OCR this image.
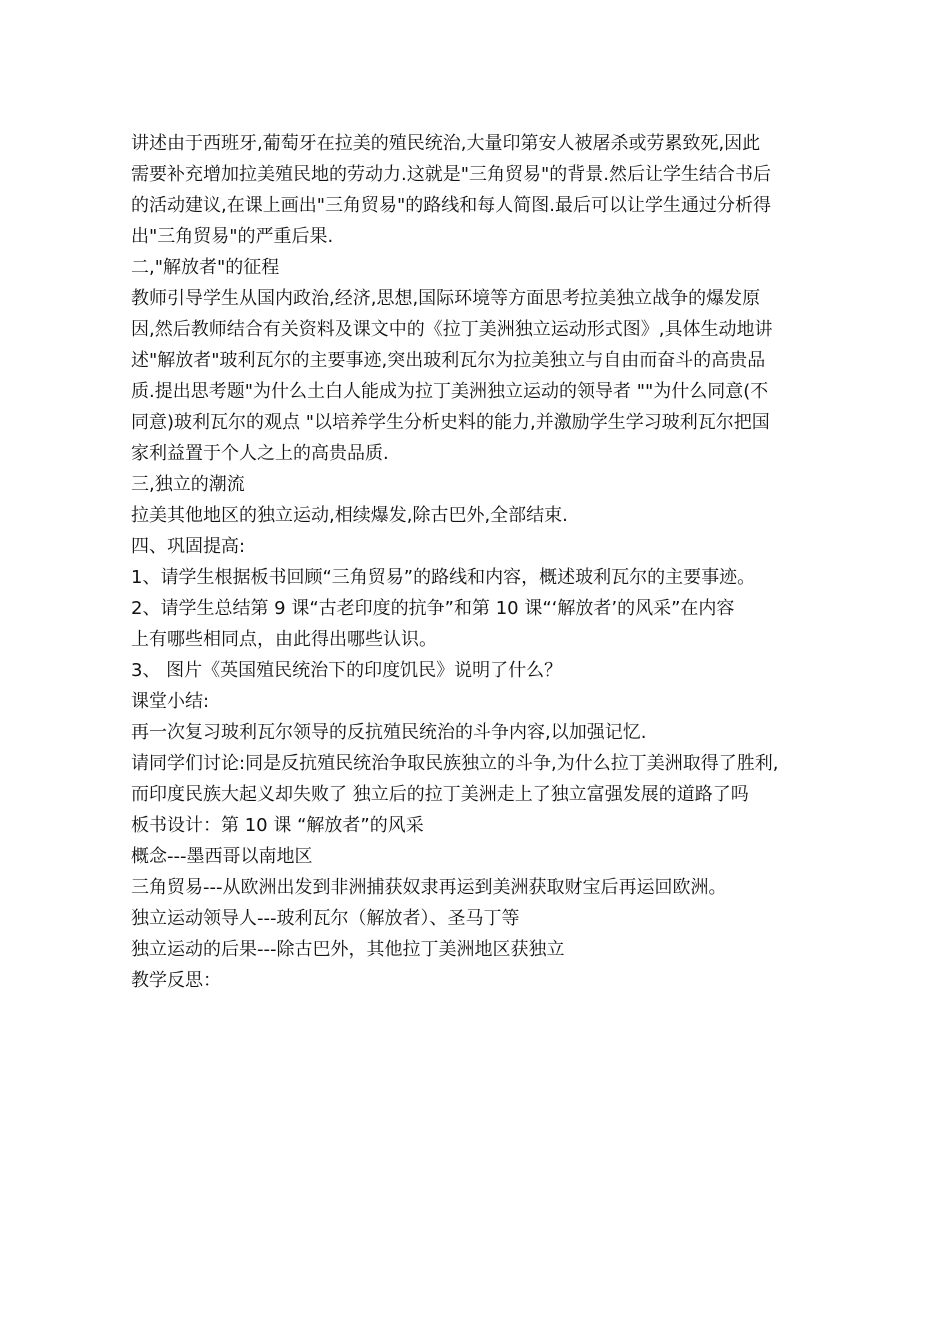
讲述由于西班牙,葡萄牙在拉美的殖民统治,大量印第安人被屠杀或劳累致死,因此
需要补充增加拉美殖民地的劳动力.这就是"三角贸易"的背景.然后让学生结合书后
的活动建议,在课上画出"三角贸易"的路线和每人简图.最后可以让学生通过分析得
出"三角贸易"的严重后果.
二,"解放者"的征程
教师引导学生从国内政治,经济,思想,国际环境等方面思考拉美独立战争的爆发原
因,然后教师结合有关资料及课文中的《拉丁美洲独立运动形式图》,具体生动地讲
述"解放者"玻利瓦尔的主要事迹,突出玻利瓦尔为拉美独立与自由而奋斗的高贵品
质.提出思考题"为什么土白人能成为拉丁美洲独立运动的领导者 ""为什么同意(不
同意)玻利瓦尔的观点 "以培养学生分析史料的能力,并激励学生学习玻利瓦尔把国
家利益置于个人之上的高贵品质.
三,独立的潮流
拉美其他地区的独立运动,相续爆发,除古巴外,全部结束.
四、巩固提高:
1、请学生根据板书回顾“三角贸易”的路线和内容，概述玻利瓦尔的主要事迹。
2、请学生总结第 9 课“古老印度的抗争”和第 10 课“‘解放者’的风采”在内容
上有哪些相同点，由此得出哪些认识。
3、 图片《英国殖民统治下的印度饥民》说明了什么？
课堂小结:
再一次复习玻利瓦尔领导的反抗殖民统治的斗争内容,以加强记忆.
请同学们讨论:同是反抗殖民统治争取民族独立的斗争,为什么拉丁美洲取得了胜利,
而印度民族大起义却失败了 独立后的拉丁美洲走上了独立富强发展的道路了吗
板书设计：第 10 课 “解放者”的风采
概念---墨西哥以南地区
三角贸易---从欧洲出发到非洲捕获奴隶再运到美洲获取财宝后再运回欧洲。
独立运动领导人---玻利瓦尔（解放者）、圣马丁等
独立运动的后果---除古巴外，其他拉丁美洲地区获独立
教学反思：
